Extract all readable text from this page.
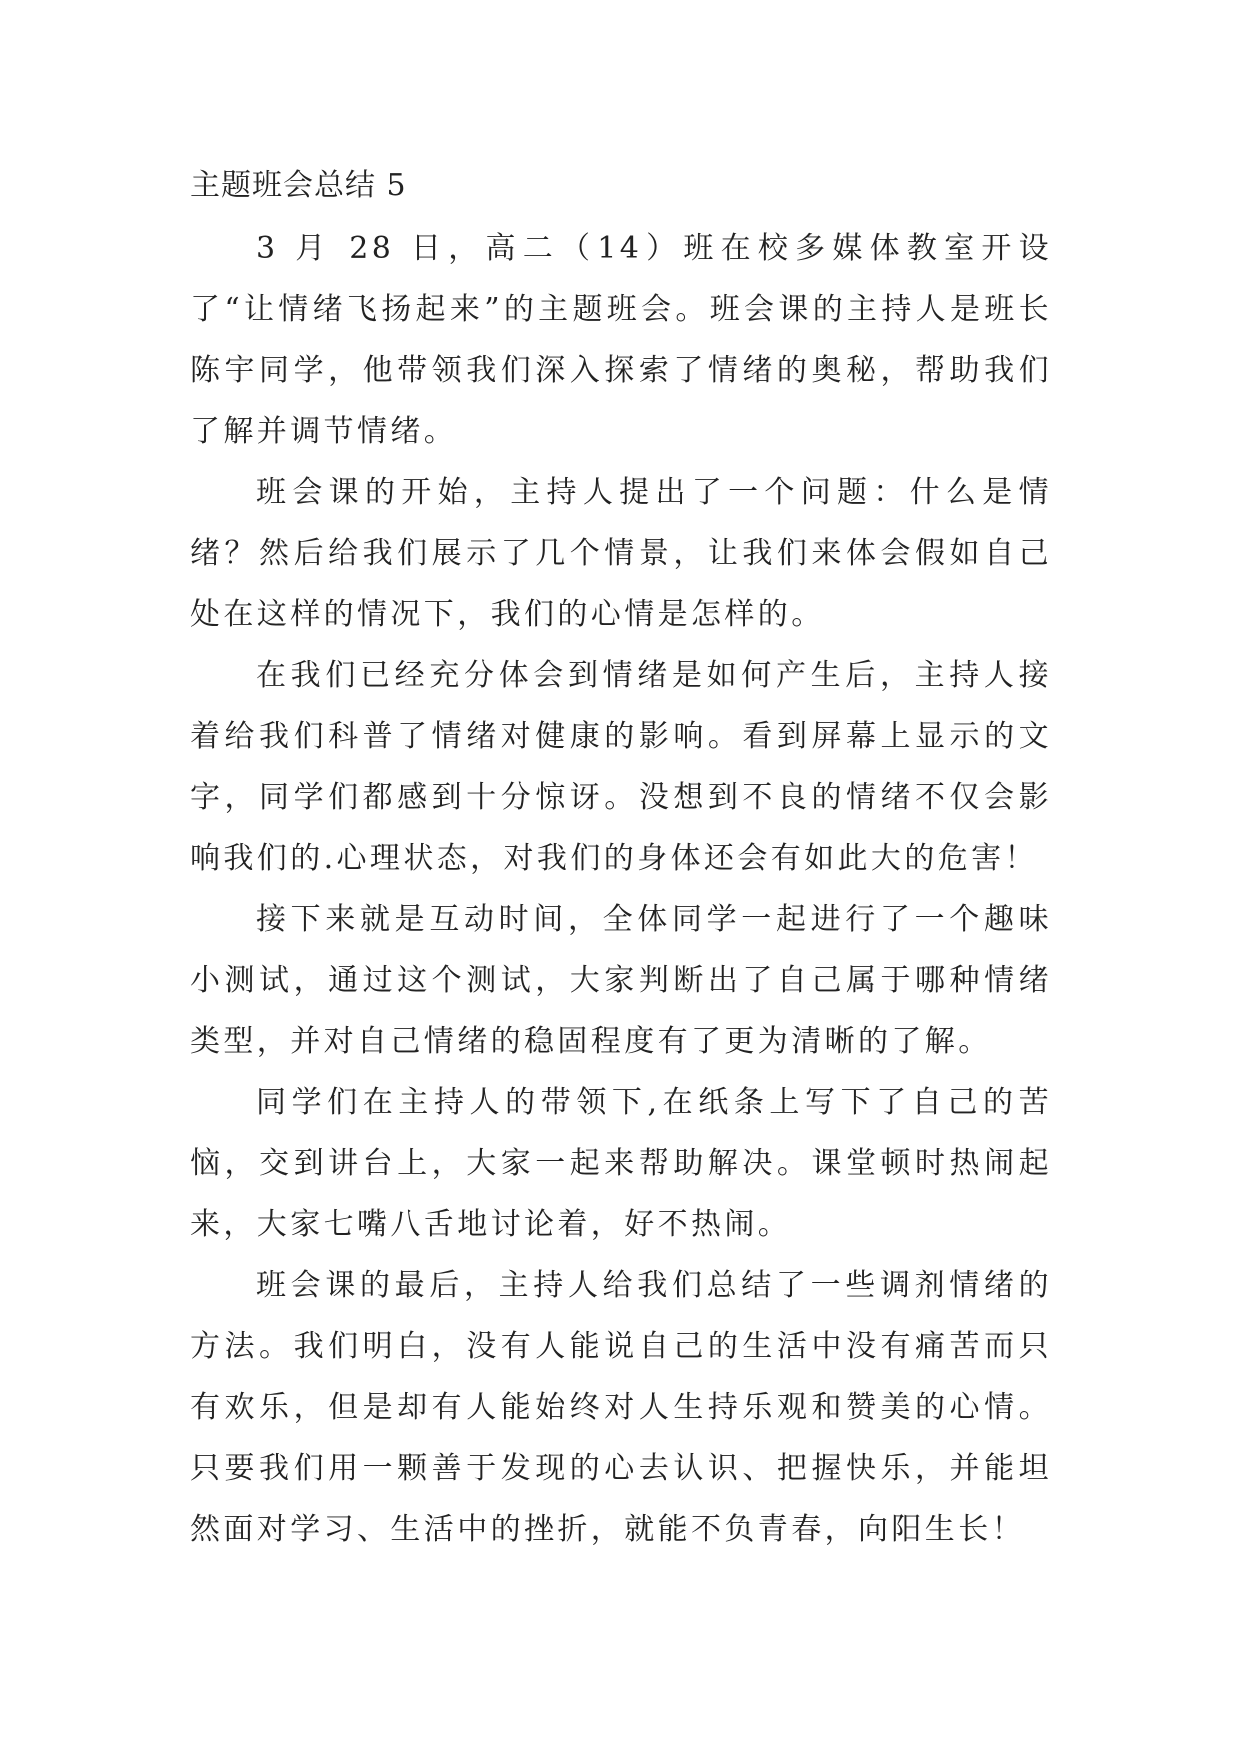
主题班会总结 5

3 月 28 日，高二（14）班在校多媒体教室开设了“让情绪飞扬起来”的主题班会。班会课的主持人是班长陈宇同学，他带领我们深入探索了情绪的奥秘，帮助我们了解并调节情绪。

班会课的开始，主持人提出了一个问题：什么是情绪？然后给我们展示了几个情景，让我们来体会假如自己处在这样的情况下，我们的心情是怎样的。

在我们已经充分体会到情绪是如何产生后，主持人接着给我们科普了情绪对健康的影响。看到屏幕上显示的文字，同学们都感到十分惊讶。没想到不良的情绪不仅会影响我们的.心理状态，对我们的身体还会有如此大的危害！

接下来就是互动时间，全体同学一起进行了一个趣味小测试，通过这个测试，大家判断出了自己属于哪种情绪类型，并对自己情绪的稳固程度有了更为清晰的了解。

同学们在主持人的带领下,在纸条上写下了自己的苦恼，交到讲台上，大家一起来帮助解决。课堂顿时热闹起来，大家七嘴八舌地讨论着，好不热闹。

班会课的最后，主持人给我们总结了一些调剂情绪的方法。我们明白，没有人能说自己的生活中没有痛苦而只有欢乐，但是却有人能始终对人生持乐观和赞美的心情。只要我们用一颗善于发现的心去认识、把握快乐，并能坦然面对学习、生活中的挫折，就能不负青春，向阳生长！
